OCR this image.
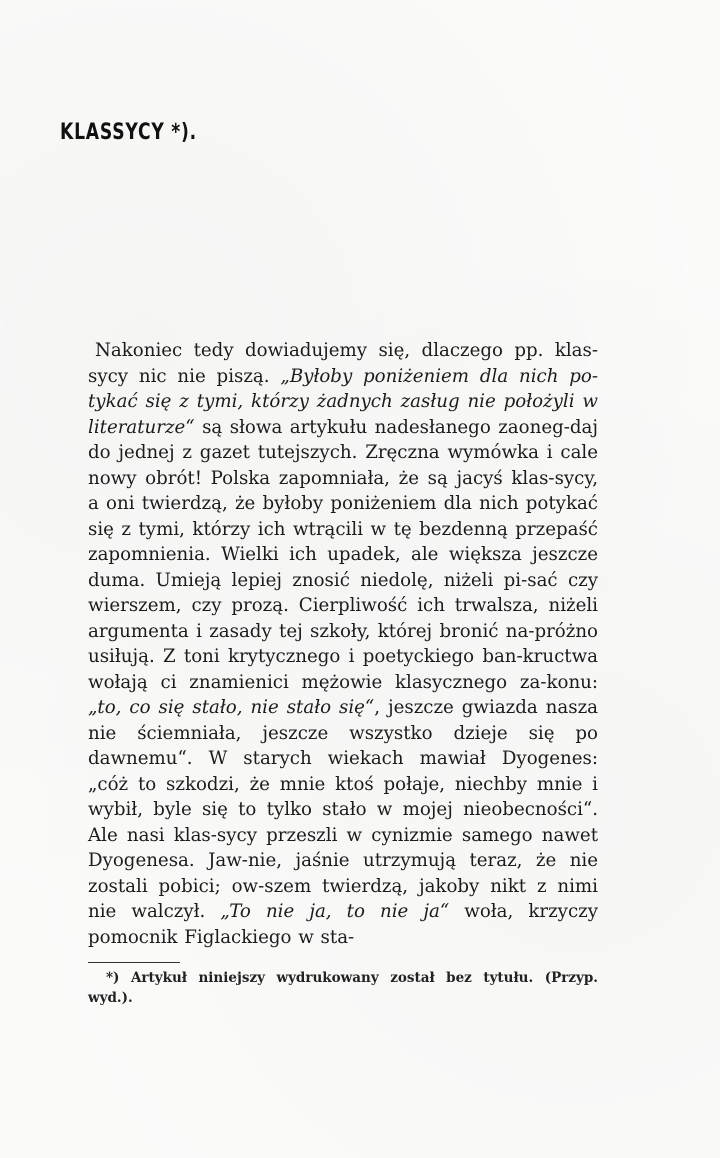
KLASSYCY *).

Nakoniec tedy dowiadujemy się, dlaczego pp. klas-sycy nic nie piszą. „Byłoby poniżeniem dla nich po-tykać się z tymi, którzy żadnych zasług nie położyli w literaturze“ są słowa artykułu nadesłanego zaoneg-daj do jednej z gazet tutejszych. Zręczna wymówka i cale nowy obrót! Polska zapomniała, że są jacyś klas-sycy, a oni twierdzą, że byłoby poniżeniem dla nich potykać się z tymi, którzy ich wtrącili w tę bezdenną przepaść zapomnienia. Wielki ich upadek, ale większa jeszcze duma. Umieją lepiej znosić niedolę, niżeli pi-sać czy wierszem, czy prozą. Cierpliwość ich trwalsza, niżeli argumenta i zasady tej szkoły, której bronić na-próżno usiłują. Z toni krytycznego i poetyckiego ban-kructwa wołają ci znamienici mężowie klasycznego za-konu: „to, co się stało, nie stało się“, jeszcze gwiazda nasza nie ściemniała, jeszcze wszystko dzieje się po dawnemu“. W starych wiekach mawiał Dyogenes: „cóż to szkodzi, że mnie ktoś połaje, niechby mnie i wybił, byle się to tylko stało w mojej nieobecności“. Ale nasi klas-sycy przeszli w cynizmie samego nawet Dyogenesa. Jaw-nie, jaśnie utrzymują teraz, że nie zostali pobici; ow-szem twierdzą, jakoby nikt z nimi nie walczył. „To nie ja, to nie ja“ woła, krzyczy pomocnik Figlackiego w sta-

*) Artykuł niniejszy wydrukowany został bez tytułu. (Przyp. wyd.).
